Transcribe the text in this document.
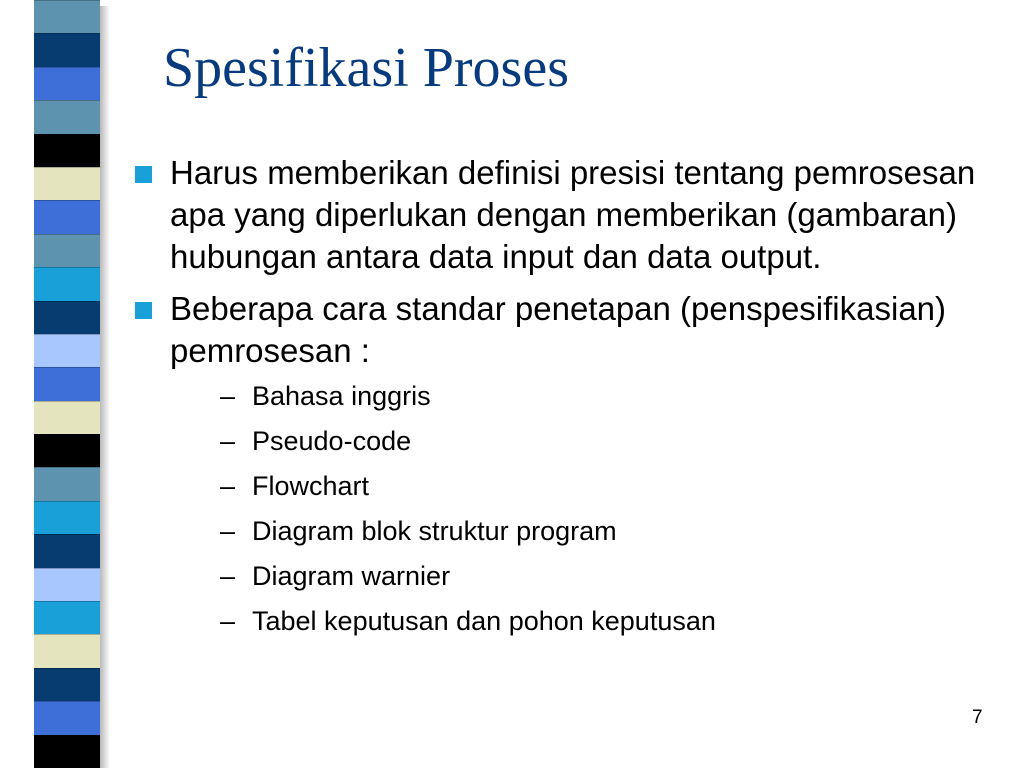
Spesifikasi Proses
Harus memberikan definisi presisi tentang pemrosesan apa yang diperlukan dengan memberikan (gambaran) hubungan antara data input dan data output.
Beberapa cara standar penetapan (penspesifikasian) pemrosesan :
– Bahasa inggris
– Pseudo-code
– Flowchart
– Diagram blok struktur program
– Diagram warnier
– Tabel keputusan dan pohon keputusan
7
